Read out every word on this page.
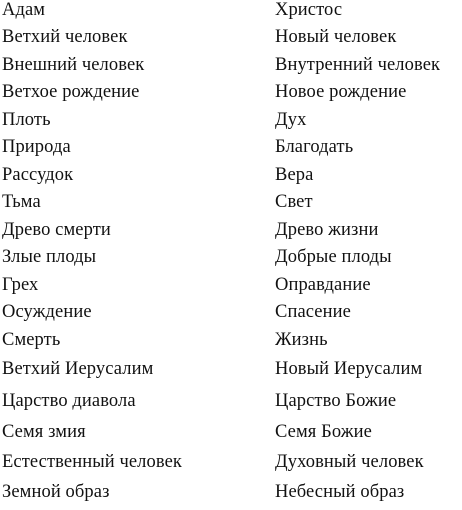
Адам	Христос
Ветхий человек	Новый человек
Внешний человек	Внутренний человек
Ветхое рождение	Новое рождение
Плоть	Дух
Природа	Благодать
Рассудок	Вера
Тьма	Свет
Древо смерти	Древо жизни
Злые плоды	Добрые плоды
Грех	Оправдание
Осуждение	Спасение
Смерть	Жизнь
Ветхий Иерусалим	Новый Иерусалим
Царство диавола	Царство Божие
Семя змия	Семя Божие
Естественный человек	Духовный человек
Земной образ	Небесный образ
